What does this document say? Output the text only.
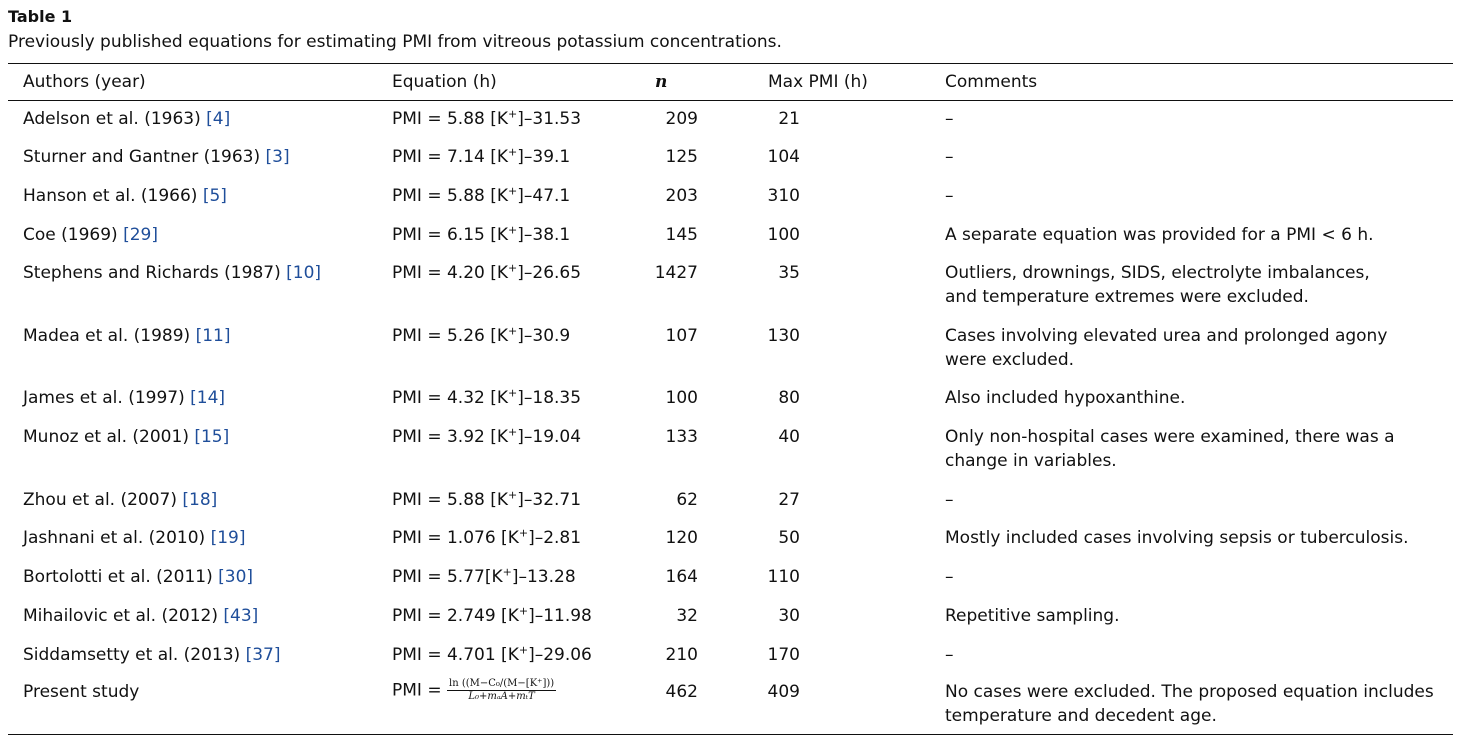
Table 1
Previously published equations for estimating PMI from vitreous potassium concentrations.
Authors (year)	Equation (h)	n	Max PMI (h)	Comments
Adelson et al. (1963) [4]	PMI = 5.88 [K+]–31.53	209	21	–
Sturner and Gantner (1963) [3]	PMI = 7.14 [K+]–39.1	125	104	–
Hanson et al. (1966) [5]	PMI = 5.88 [K+]–47.1	203	310	–
Coe (1969) [29]	PMI = 6.15 [K+]–38.1	145	100	A separate equation was provided for a PMI < 6 h.
Stephens and Richards (1987) [10]	PMI = 4.20 [K+]–26.65	1427	35	Outliers, drownings, SIDS, electrolyte imbalances,
and temperature extremes were excluded.
Madea et al. (1989) [11]	PMI = 5.26 [K+]–30.9	107	130	Cases involving elevated urea and prolonged agony
were excluded.
James et al. (1997) [14]	PMI = 4.32 [K+]–18.35	100	80	Also included hypoxanthine.
Munoz et al. (2001) [15]	PMI = 3.92 [K+]–19.04	133	40	Only non-hospital cases were examined, there was a
change in variables.
Zhou et al. (2007) [18]	PMI = 5.88 [K+]–32.71	62	27	–
Jashnani et al. (2010) [19]	PMI = 1.076 [K+]–2.81	120	50	Mostly included cases involving sepsis or tuberculosis.
Bortolotti et al. (2011) [30]	PMI = 5.77[K+]–13.28	164	110	–
Mihailovic et al. (2012) [43]	PMI = 2.749 [K+]–11.98	32	30	Repetitive sampling.
Siddamsetty et al. (2013) [37]	PMI = 4.701 [K+]–29.06	210	170	–
Present study	PMI = $\frac{\text{ln ((M−C₀/(M−[K⁺]))}}{\text{L₀+mₐA+mₜT}}$	462	409	No cases were excluded. The proposed equation includes
temperature and decedent age.
